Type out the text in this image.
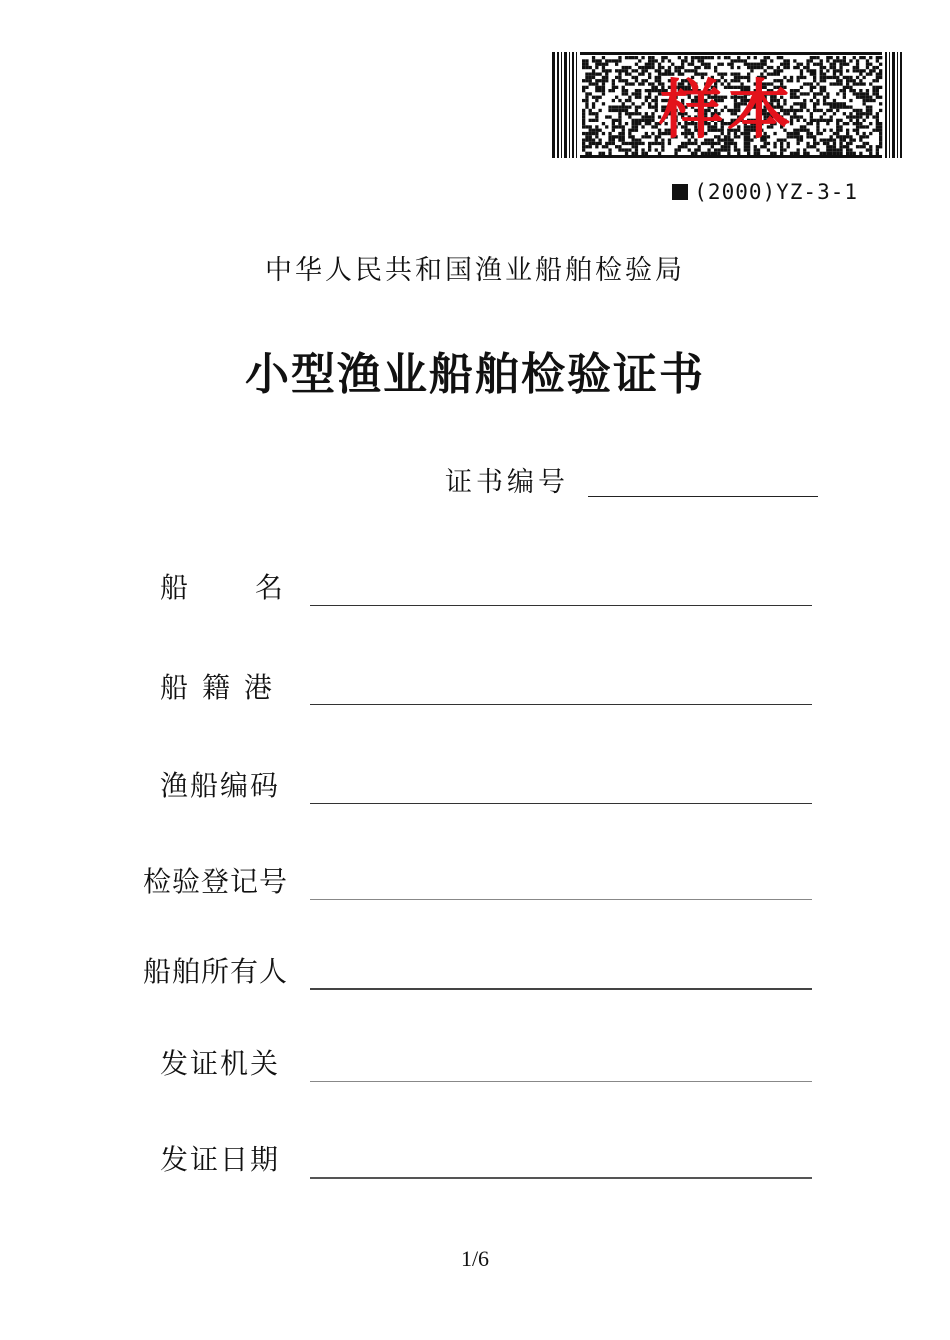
样本
(2000)YZ-3-1
中华人民共和国渔业船舶检验局
小型渔业船舶检验证书
证书编号
船 名
船籍港
渔船编码
检验登记号
船舶所有人
发证机关
发证日期
1/6
